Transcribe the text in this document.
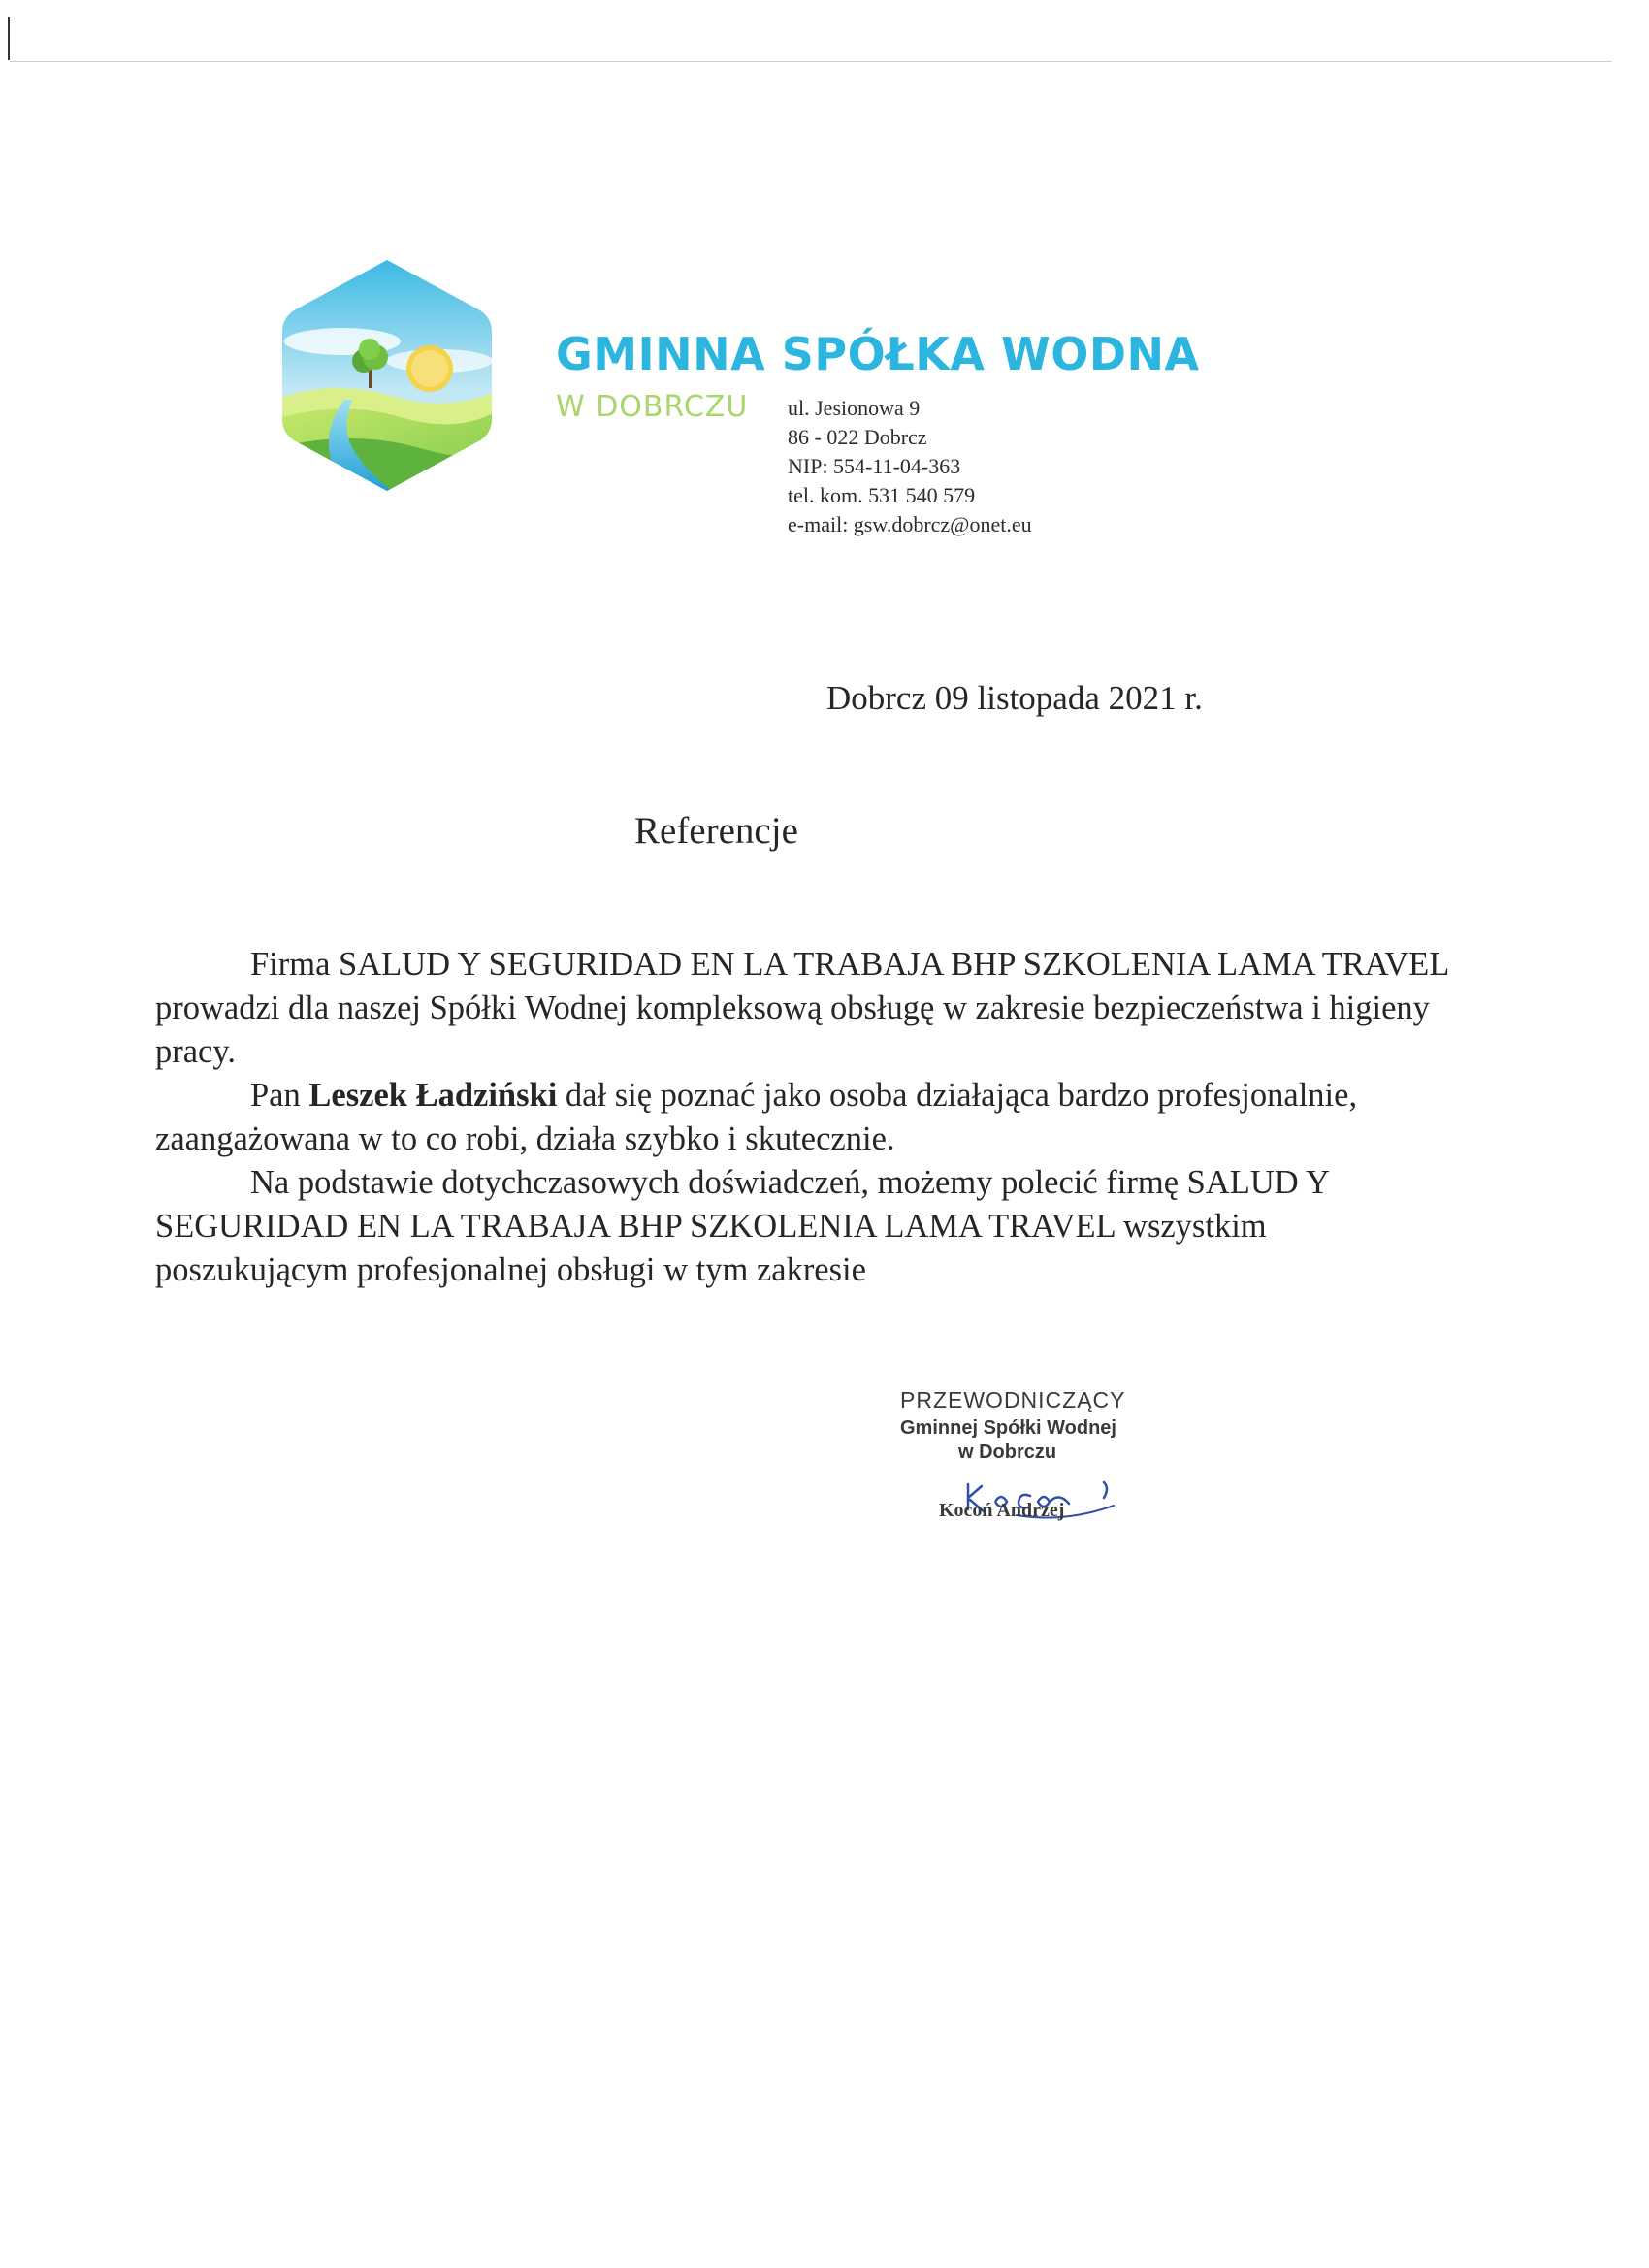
GMINNA SPÓŁKA WODNA
W DOBRCZU ul. Jesionowa 9
86 - 022 Dobrcz
NIP: 554-11-04-363
tel. kom. 531 540 579
e-mail: gsw.dobrcz@onet.eu
Dobrcz 09 listopada 2021 r.
Referencje

Firma SALUD Y SEGURIDAD EN LA TRABAJA BHP SZKOLENIA LAMA TRAVEL prowadzi dla naszej Spółki Wodnej kompleksową obsługę w zakresie bezpieczeństwa i higieny pracy.

Pan Leszek Ładziński dał się poznać jako osoba działająca bardzo profesjonalnie, zaangażowana w to co robi, działa szybko i skutecznie.

Na podstawie dotychczasowych doświadczeń, możemy polecić firmę SALUD Y SEGURIDAD EN LA TRABAJA BHP SZKOLENIA LAMA TRAVEL wszystkim poszukującym profesjonalnej obsługi w tym zakresie

PRZEWODNICZĄCY
Gminnej Spółki Wodnej
w Dobrczu
Kocoń Andrzej
